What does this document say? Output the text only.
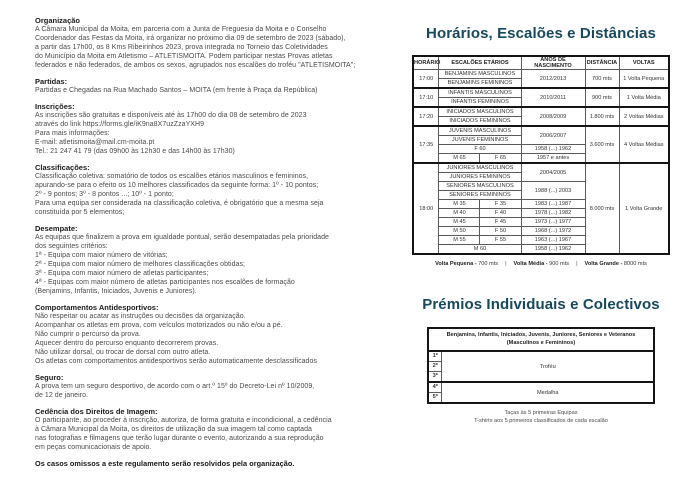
Organização
A Câmara Municipal da Moita, em parceria com a Junta de Freguesia da Moita e o Conselho
Coordenador das Festas da Moita, irá organizar no próximo dia 09 de setembro de 2023 (sábado),
a partir das 17h00, os 8 Kms Ribeirinhos 2023, prova integrada no Torneio das Coletividades
do Município da Moita em Atletismo – ATLETISMOITA. Podem participar nestas Provas atletas
federados e não federados, de ambos os sexos, agrupados nos escalões do troféu "ATLETISMOITA";
Partidas:
Partidas e Chegadas na Rua Machado Santos – MOITA (em frente à Praça da República)
Inscrições:
As inscrições são gratuitas e disponíveis até às 17h00 do dia 08 de setembro de 2023
através do link https://forms.gle/iK9na8X7uzZzaYXH9
Para mais informações:
E-mail: atletismoita@mail.cm-moita.pt
Tel.: 21 247 41 79 (das 09h00 às 12h30 e das 14h00 às 17h30)
Classificações:
Classificação coletiva: somatório de todos os escalões etários masculinos e femininos,
apurando-se para o efeito os 10 melhores classificados da seguinte forma: 1º - 10 pontos;
2º - 9 pontos; 3º - 8 pontos ...; 10º - 1 ponto;
Para uma equipa ser considerada na classificação coletiva, é obrigatório que a mesma seja
constituída por 5 elementos;
Desempate:
As equipas que finalizem a prova em igualdade pontual, serão desempatadas pela prioridade
dos seguintes critérios:
1ª - Equipa com maior número de vitórias;
2ª - Equipa com maior número de melhores classificações obtidas;
3ª - Equipa com maior número de atletas participantes;
4ª - Equipas com maior número de atletas participantes nos escalões de formação
(Benjamins, Infantis, Iniciados, Juvenis e Juniores).
Comportamentos Antidesportivos:
Não respeitar ou acatar as instruções ou decisões da organização.
Acompanhar os atletas em prova, com veículos motorizados ou não e/ou a pé.
Não cumprir o percurso da prova.
Aquecer dentro do percurso enquanto decorrerem provas.
Não utilizar dorsal, ou trocar de dorsal com outro atleta.
Os atletas com comportamentos antidesportivos serão automaticamente desclassificados
Seguro:
A prova tem um seguro desportivo, de acordo com o art.º 15º do Decreto-Lei nº 10/2009,
de 12 de janeiro.
Cedência dos Direitos de Imagem:
O participante, ao proceder à inscrição, autoriza, de forma gratuita e incondicional, a cedência
à Câmara Municipal da Moita, os direitos de utilização da sua imagem tal como captada
nas fotografias e filmagens que terão lugar durante o evento, autorizando a sua reprodução
em peças comunicacionais de apoio.
Os casos omissos a este regulamento serão resolvidos pela organização.
Horários, Escalões e Distâncias
HORÁRIO	ESCALÕES ETÁRIOS		ANOS DE NASCIMENTO	DISTÂNCIA	VOLTAS
17:00	BENJAMINS MASCULINOS		2012/2013	700 mts	1 Volta Pequena
	BENJAMINS FEMININOS				
17:10	INFANTIS MASCULINOS		2010/2011	900 mts	1 Volta Média
	INFANTIS FEMININOS				
17:20	INICIADOS MASCULINOS		2008/2009	1.800 mts	2 Voltas Médias
	INICIADOS FEMININOS				
17:35	JUVENIS MASCULINOS		2006/2007	3.600 mts	4 Voltas Médias
	JUVENIS FEMININOS				
	F 60		1958 (...) 1962		
	M 65	F 65	1957 e antes		
18:00	JUNIORES MASCULINOS		2004/2005	8.000 mts	1 Volta Grande
	JUNIORES FEMININOS				
	SENIORES MASCULINOS		1988 (...) 2003		
	SENIORES FEMININOS				
	M 35	F 35	1983 (...) 1987		
	M 40	F 40	1978 (...) 1982		
	M 45	F 45	1973 (...) 1977		
	M 50	F 50	1968 (...) 1972		
	M 55	F 55	1963 (...) 1967		
	M 60		1958 (...) 1962		
Volta Pequena - 700 mts | Volta Média - 900 mts | Volta Grande - 8000 mts
Prémios Individuais e Colectivos
Benjamins, Infantis, Iniciados, Juvenis, Juniores, Seniores e Veteranos (Masculinos e Femininos)	
1º	Troféu
2º	
3º	
4º	Medalha
5º	
Taças às 5 primeiras Equipas
T-shirts aos 5 primeiros classificados de cada escalão
